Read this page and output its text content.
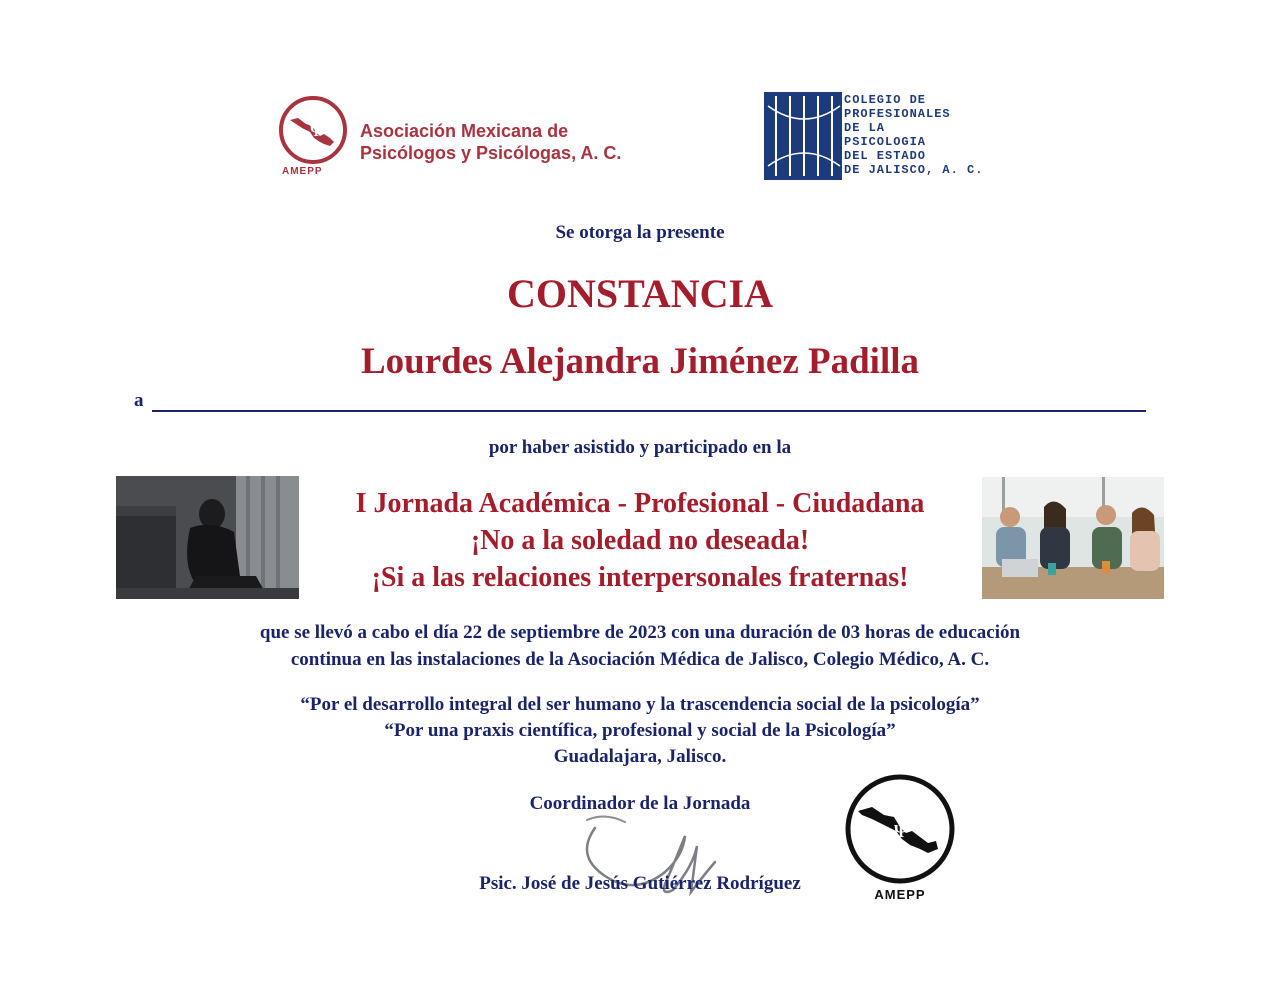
Ψ
AMEPP
Asociación Mexicana de
Psicólogos y Psicólogas, A. C.
COLEGIO DE
PROFESIONALES
DE LA
PSICOLOGIA
DEL ESTADO
DE JALISCO, A. C.
Se otorga la presente
CONSTANCIA
Lourdes Alejandra Jiménez Padilla
a
por haber asistido y participado en la
I Jornada Académica - Profesional - Ciudadana
¡No a la soledad no deseada!
¡Si a las relaciones interpersonales fraternas!
que se llevó a cabo el día 22 de septiembre de 2023 con una duración de 03 horas de educación
continua en las instalaciones de la Asociación Médica de Jalisco, Colegio Médico, A. C.
“Por el desarrollo integral del ser humano y la trascendencia social de la psicología”
“Por una praxis científica, profesional y social de la Psicología”
Guadalajara, Jalisco.
Coordinador de la Jornada
Psic. José de Jesús Gutiérrez Rodríguez
Ψ
AMEPP
